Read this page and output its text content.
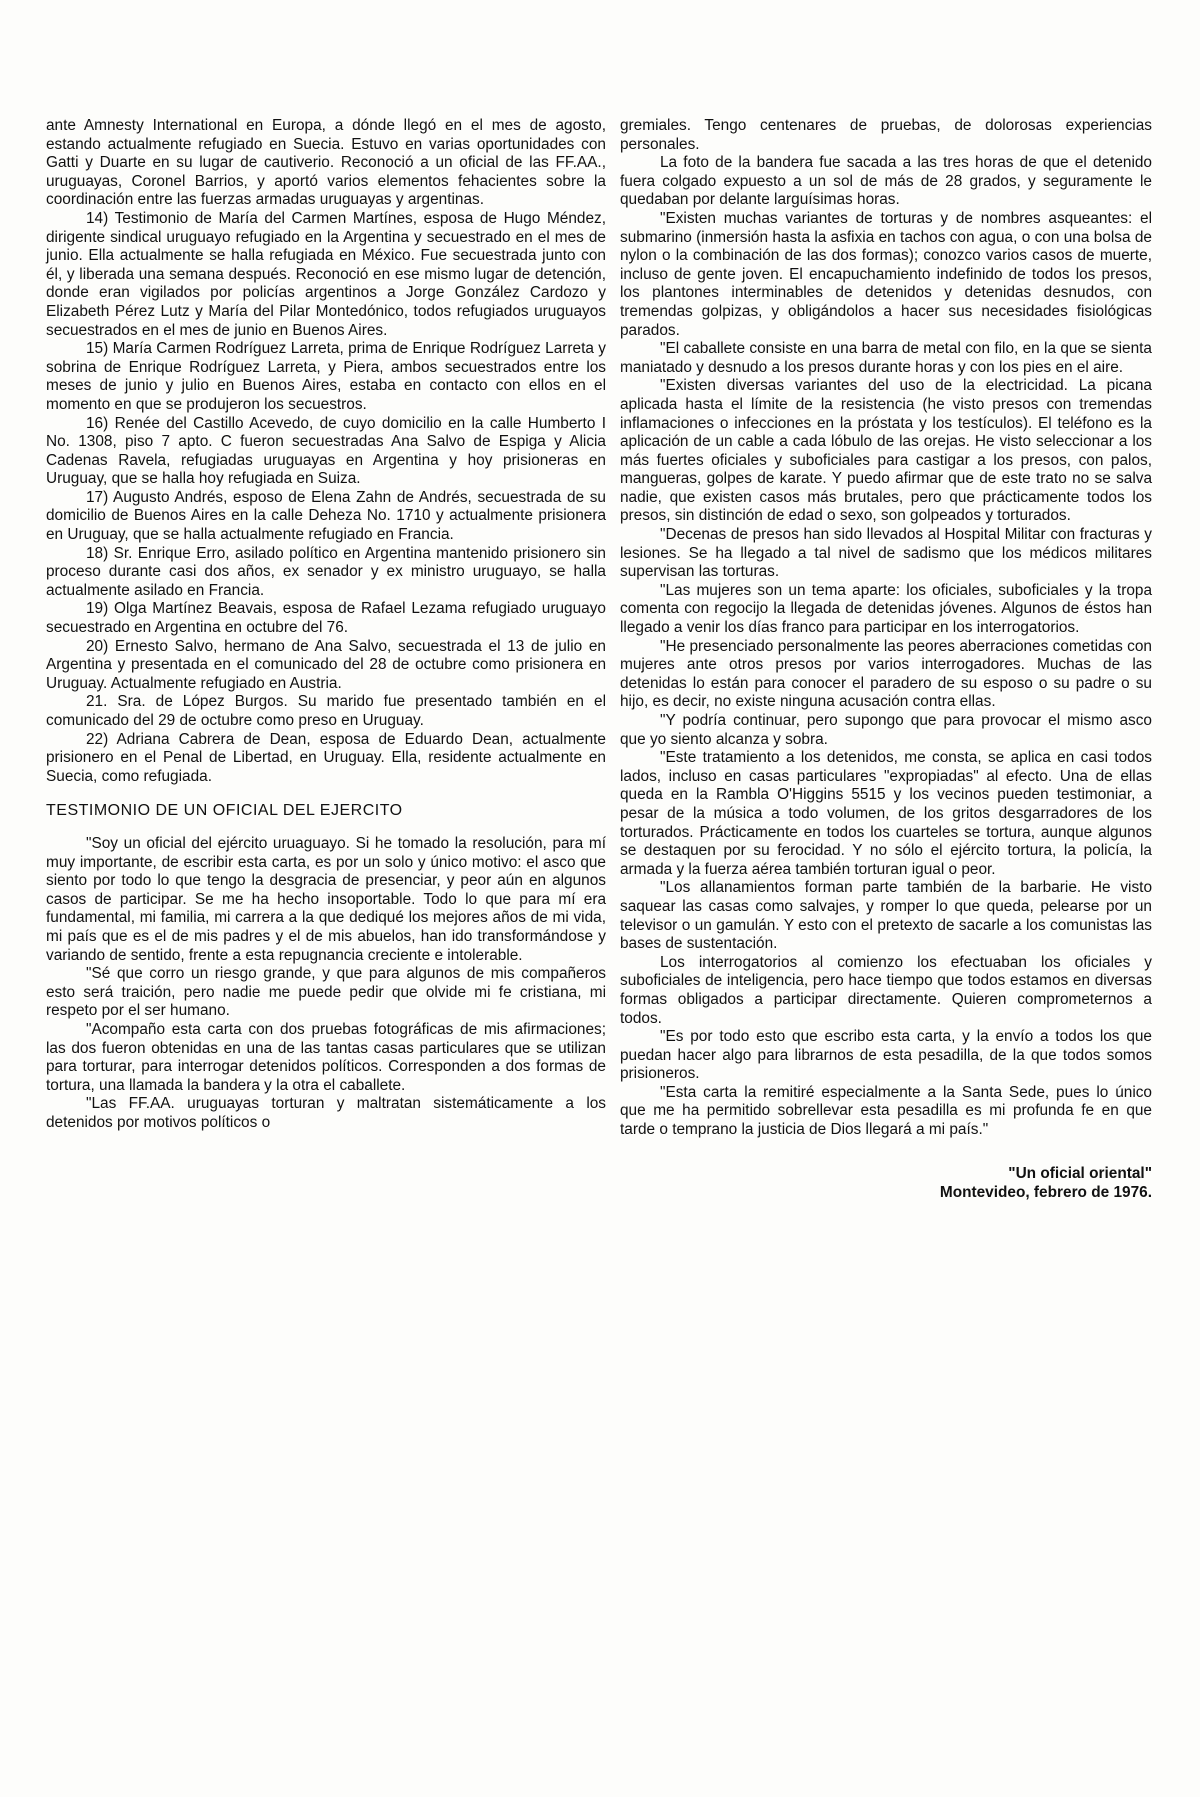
ante Amnesty International en Europa, a dónde llegó en el mes de agosto, estando actualmente refugiado en Suecia. Estuvo en varias oportunidades con Gatti y Duarte en su lugar de cautiverio. Reconoció a un oficial de las FF.AA., uruguayas, Coronel Barrios, y aportó varios elementos fehacientes sobre la coordinación entre las fuerzas armadas uruguayas y argentinas.

14) Testimonio de María del Carmen Martínes, esposa de Hugo Méndez, dirigente sindical uruguayo refugiado en la Argentina y secuestrado en el mes de junio. Ella actualmente se halla refugiada en México. Fue secuestrada junto con él, y liberada una semana después. Reconoció en ese mismo lugar de detención, donde eran vigilados por policías argentinos a Jorge González Cardozo y Elizabeth Pérez Lutz y María del Pilar Montedónico, todos refugiados uruguayos secuestrados en el mes de junio en Buenos Aires.

15) María Carmen Rodríguez Larreta, prima de Enrique Rodríguez Larreta y sobrina de Enrique Rodríguez Larreta, y Piera, ambos secuestrados entre los meses de junio y julio en Buenos Aires, estaba en contacto con ellos en el momento en que se produjeron los secuestros.

16) Renée del Castillo Acevedo, de cuyo domicilio en la calle Humberto I No. 1308, piso 7 apto. C fueron secuestradas Ana Salvo de Espiga y Alicia Cadenas Ravela, refugiadas uruguayas en Argentina y hoy prisioneras en Uruguay, que se halla hoy refugiada en Suiza.

17) Augusto Andrés, esposo de Elena Zahn de Andrés, secuestrada de su domicilio de Buenos Aires en la calle Deheza No. 1710 y actualmente prisionera en Uruguay, que se halla actualmente refugiado en Francia.

18) Sr. Enrique Erro, asilado político en Argentina mantenido prisionero sin proceso durante casi dos años, ex senador y ex ministro uruguayo, se halla actualmente asilado en Francia.

19) Olga Martínez Beavais, esposa de Rafael Lezama refugiado uruguayo secuestrado en Argentina en octubre del 76.

20) Ernesto Salvo, hermano de Ana Salvo, secuestrada el 13 de julio en Argentina y presentada en el comunicado del 28 de octubre como prisionera en Uruguay. Actualmente refugiado en Austria.

21. Sra. de López Burgos. Su marido fue presentado también en el comunicado del 29 de octubre como preso en Uruguay.

22) Adriana Cabrera de Dean, esposa de Eduardo Dean, actualmente prisionero en el Penal de Libertad, en Uruguay. Ella, residente actualmente en Suecia, como refugiada.

TESTIMONIO DE UN OFICIAL DEL EJERCITO

"Soy un oficial del ejército uruaguayo. Si he tomado la resolución, para mí muy importante, de escribir esta carta, es por un solo y único motivo: el asco que siento por todo lo que tengo la desgracia de presenciar, y peor aún en algunos casos de participar. Se me ha hecho insoportable. Todo lo que para mí era fundamental, mi familia, mi carrera a la que dediqué los mejores años de mi vida, mi país que es el de mis padres y el de mis abuelos, han ido transformándose y variando de sentido, frente a esta repugnancia creciente e intolerable.

"Sé que corro un riesgo grande, y que para algunos de mis compañeros esto será traición, pero nadie me puede pedir que olvide mi fe cristiana, mi respeto por el ser humano.

"Acompaño esta carta con dos pruebas fotográficas de mis afirmaciones; las dos fueron obtenidas en una de las tantas casas particulares que se utilizan para torturar, para interrogar detenidos políticos. Corresponden a dos formas de tortura, una llamada la bandera y la otra el caballete.

"Las FF.AA. uruguayas torturan y maltratan sistemáticamente a los detenidos por motivos políticos o

gremiales. Tengo centenares de pruebas, de dolorosas experiencias personales.

La foto de la bandera fue sacada a las tres horas de que el detenido fuera colgado expuesto a un sol de más de 28 grados, y seguramente le quedaban por delante larguísimas horas.

"Existen muchas variantes de torturas y de nombres asqueantes: el submarino (inmersión hasta la asfixia en tachos con agua, o con una bolsa de nylon o la combinación de las dos formas); conozco varios casos de muerte, incluso de gente joven. El encapuchamiento indefinido de todos los presos, los plantones interminables de detenidos y detenidas desnudos, con tremendas golpizas, y obligándolos a hacer sus necesidades fisiológicas parados.

"El caballete consiste en una barra de metal con filo, en la que se sienta maniatado y desnudo a los presos durante horas y con los pies en el aire.

"Existen diversas variantes del uso de la electricidad. La picana aplicada hasta el límite de la resistencia (he visto presos con tremendas inflamaciones o infecciones en la próstata y los testículos). El teléfono es la aplicación de un cable a cada lóbulo de las orejas. He visto seleccionar a los más fuertes oficiales y suboficiales para castigar a los presos, con palos, mangueras, golpes de karate. Y puedo afirmar que de este trato no se salva nadie, que existen casos más brutales, pero que prácticamente todos los presos, sin distinción de edad o sexo, son golpeados y torturados.

"Decenas de presos han sido llevados al Hospital Militar con fracturas y lesiones. Se ha llegado a tal nivel de sadismo que los médicos militares supervisan las torturas.

"Las mujeres son un tema aparte: los oficiales, suboficiales y la tropa comenta con regocijo la llegada de detenidas jóvenes. Algunos de éstos han llegado a venir los días franco para participar en los interrogatorios.

"He presenciado personalmente las peores aberraciones cometidas con mujeres ante otros presos por varios interrogadores. Muchas de las detenidas lo están para conocer el paradero de su esposo o su padre o su hijo, es decir, no existe ninguna acusación contra ellas.

"Y podría continuar, pero supongo que para provocar el mismo asco que yo siento alcanza y sobra.

"Este tratamiento a los detenidos, me consta, se aplica en casi todos lados, incluso en casas particulares "expropiadas" al efecto. Una de ellas queda en la Rambla O'Higgins 5515 y los vecinos pueden testimoniar, a pesar de la música a todo volumen, de los gritos desgarradores de los torturados. Prácticamente en todos los cuarteles se tortura, aunque algunos se destaquen por su ferocidad. Y no sólo el ejército tortura, la policía, la armada y la fuerza aérea también torturan igual o peor.

"Los allanamientos forman parte también de la barbarie. He visto saquear las casas como salvajes, y romper lo que queda, pelearse por un televisor o un gamulán. Y esto con el pretexto de sacarle a los comunistas las bases de sustentación.

Los interrogatorios al comienzo los efectuaban los oficiales y suboficiales de inteligencia, pero hace tiempo que todos estamos en diversas formas obligados a participar directamente. Quieren comprometernos a todos.

"Es por todo esto que escribo esta carta, y la envío a todos los que puedan hacer algo para librarnos de esta pesadilla, de la que todos somos prisioneros.

"Esta carta la remitiré especialmente a la Santa Sede, pues lo único que me ha permitido sobrellevar esta pesadilla es mi profunda fe en que tarde o temprano la justicia de Dios llegará a mi país."

"Un oficial oriental"
Montevideo, febrero de 1976.
